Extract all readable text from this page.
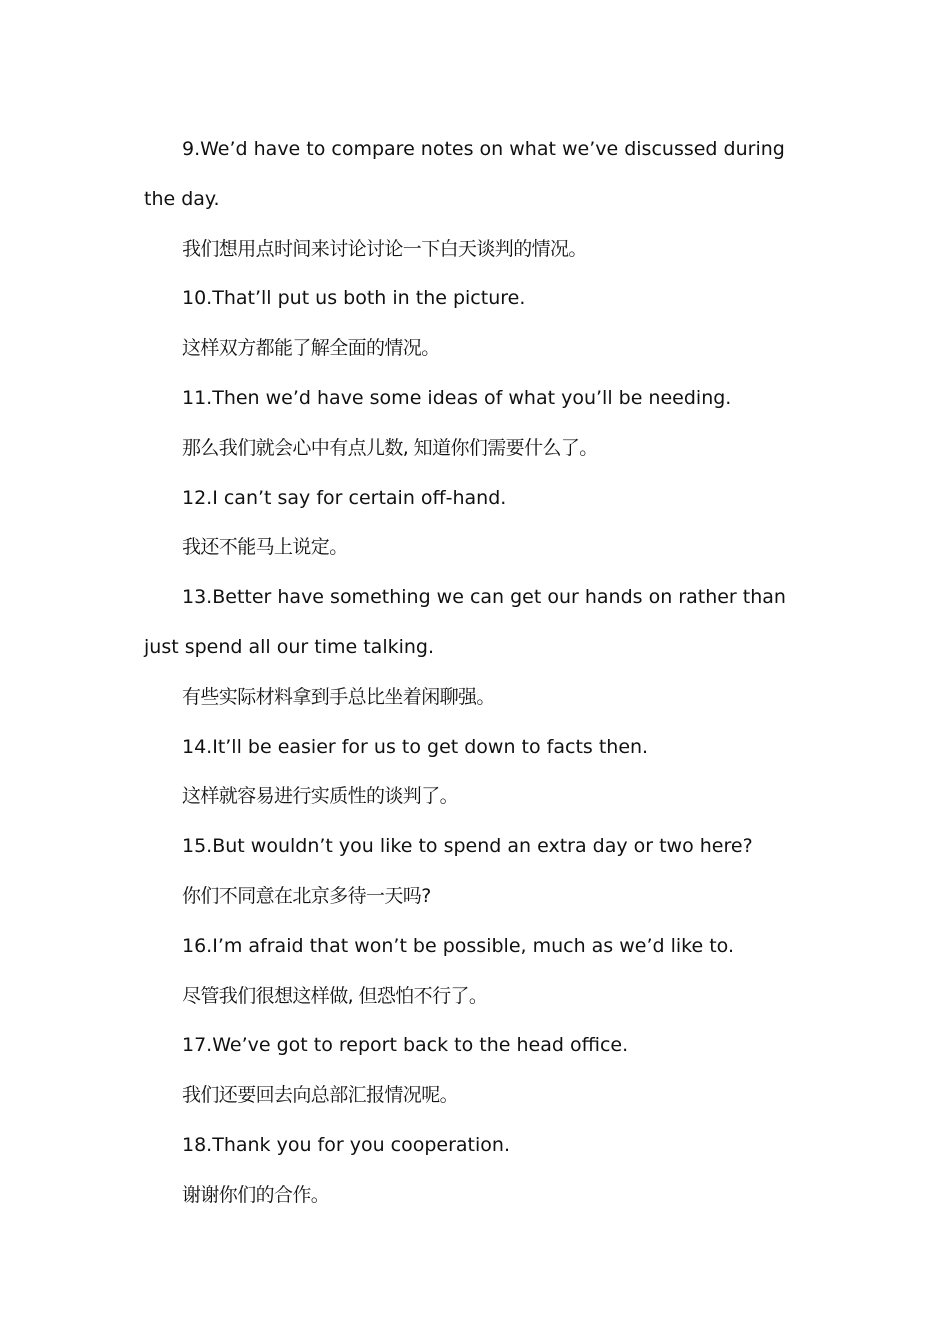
9.We’d have to compare notes on what we’ve discussed during the day.

我们想用点时间来讨论讨论一下白天谈判的情况。

10.That’ll put us both in the picture.

这样双方都能了解全面的情况。

11.Then we’d have some ideas of what you’ll be needing.

那么我们就会心中有点儿数, 知道你们需要什么了。

12.I can’t say for certain off-hand.

我还不能马上说定。

13.Better have something we can get our hands on rather than just spend all our time talking.

有些实际材料拿到手总比坐着闲聊强。

14.It’ll be easier for us to get down to facts then.

这样就容易进行实质性的谈判了。

15.But wouldn’t you like to spend an extra day or two here?

你们不同意在北京多待一天吗?

16.I’m afraid that won’t be possible, much as we’d like to.

尽管我们很想这样做, 但恐怕不行了。

17.We’ve got to report back to the head office.

我们还要回去向总部汇报情况呢。

18.Thank you for you cooperation.

谢谢你们的合作。
